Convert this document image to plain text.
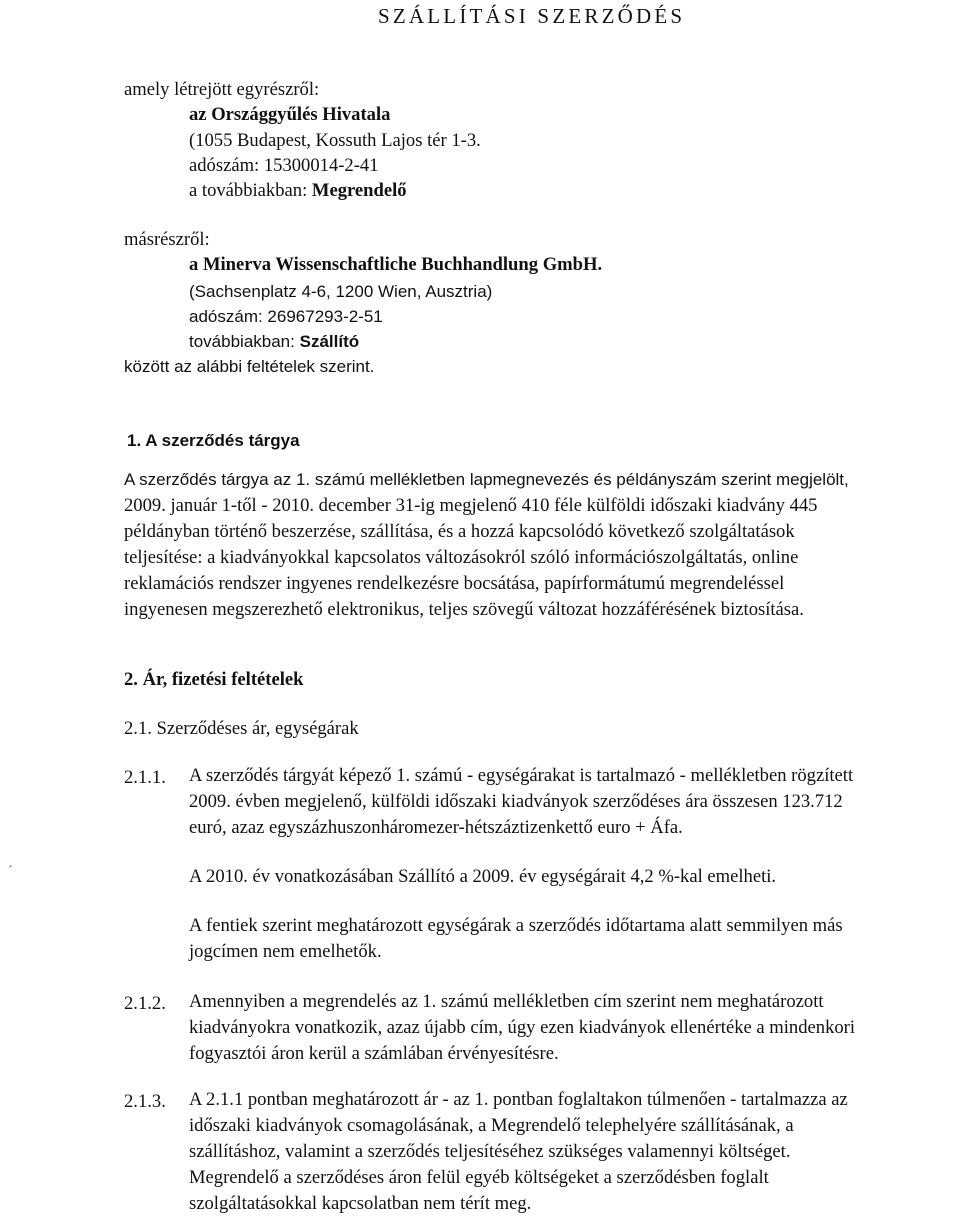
SZÁLLÍTÁSI SZERZŐDÉS

amely létrejött egyrészről:

az Országgyűlés Hivatala

(1055 Budapest, Kossuth Lajos tér 1-3.

adószám: 15300014-2-41

a továbbiakban: Megrendelő

másrészről:

a Minerva Wissenschaftliche Buchhandlung GmbH.

(Sachsenplatz 4-6, 1200 Wien, Ausztria)

adószám: 26967293-2-51

továbbiakban: Szállító

között az alábbi feltételek szerint.

1. A szerződés tárgya

A szerződés tárgya az 1. számú mellékletben lapmegnevezés és példányszám szerint megjelölt,
2009. január 1-től - 2010. december 31-ig megjelenő 410 féle külföldi időszaki kiadvány 445
példányban történő beszerzése, szállítása, és a hozzá kapcsolódó következő szolgáltatások
teljesítése: a kiadványokkal kapcsolatos változásokról szóló információszolgáltatás, online
reklamációs rendszer ingyenes rendelkezésre bocsátása, papírformátumú megrendeléssel
ingyenesen megszerezhető elektronikus, teljes szövegű változat hozzáférésének biztosítása.

2. Ár, fizetési feltételek

2.1. Szerződéses ár, egységárak

2.1.1. A szerződés tárgyát képező 1. számú - egységárakat is tartalmazó - mellékletben rögzített
2009. évben megjelenő, külföldi időszaki kiadványok szerződéses ára összesen 123.712
euró, azaz egyszázhuszonháromezer-hétszáztizenkettő euro + Áfa.

A 2010. év vonatkozásában Szállító a 2009. év egységárait 4,2 %-kal emelheti.

A fentiek szerint meghatározott egységárak a szerződés időtartama alatt semmilyen más
jogcímen nem emelhetők.

2.1.2. Amennyiben a megrendelés az 1. számú mellékletben cím szerint nem meghatározott
kiadványokra vonatkozik, azaz újabb cím, úgy ezen kiadványok ellenértéke a mindenkori
fogyasztói áron kerül a számlában érvényesítésre.

2.1.3. A 2.1.1 pontban meghatározott ár - az 1. pontban foglaltakon túlmenően - tartalmazza az
időszaki kiadványok csomagolásának, a Megrendelő telephelyére szállításának, a
szállításhoz, valamint a szerződés teljesítéséhez szükséges valamennyi költséget.
Megrendelő a szerződéses áron felül egyéb költségeket a szerződésben foglalt
szolgáltatásokkal kapcsolatban nem térít meg.
ˊ
